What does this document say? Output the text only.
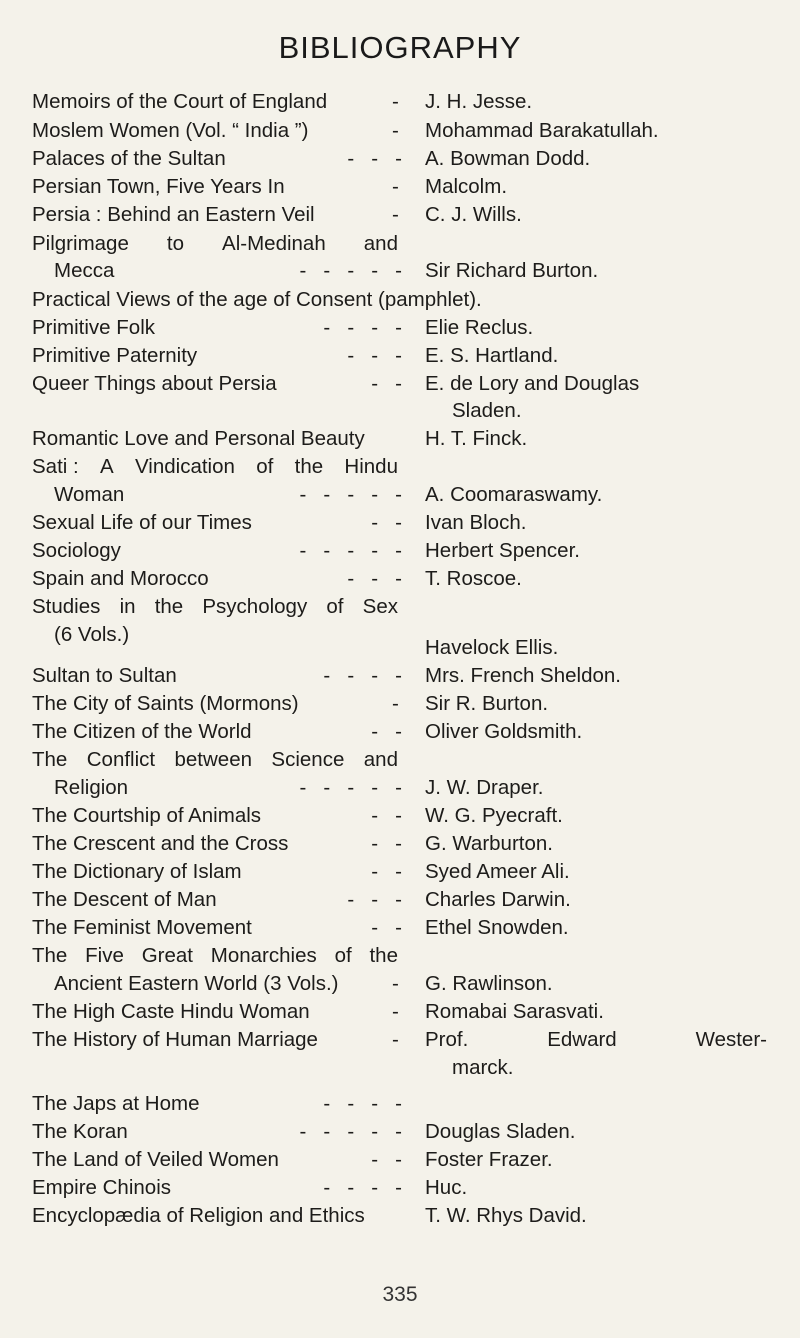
BIBLIOGRAPHY
Memoirs of the Court of England	- J. H. Jesse.
Moslem Women (Vol. “ India ”)	- Mohammad Barakatullah.
Palaces of the Sultan	-   -   - A. Bowman Dodd.
Persian Town, Five Years In	- Malcolm.
Persia : Behind an Eastern Veil	- C. J. Wills.
Pilgrimage to Al-Medinah and
Mecca	-   -   -   -   - Sir Richard Burton.
Practical Views of the age of Consent (pamphlet).
Primitive Folk	-   -   -   - Elie Reclus.
Primitive Paternity	-   -   - E. S. Hartland.
Queer Things about Persia	-   - E. de Lory and Douglas
Sladen.
Romantic Love and Personal Beauty	H. T. Finck.
Sati : A Vindication of the Hindu
Woman	-   -   -   -   - A. Coomaraswamy.
Sexual Life of our Times	-   - Ivan Bloch.
Sociology	-   -   -   -   - Herbert Spencer.
Spain and Morocco	-   -   - T. Roscoe.
Studies in the Psychology of Sex
(6 Vols.)
Havelock Ellis.
Sultan to Sultan	-   -   -   - Mrs. French Sheldon.
The City of Saints (Mormons)	- Sir R. Burton.
The Citizen of the World	-   - Oliver Goldsmith.
The Conflict between Science and
Religion	-   -   -   -   - J. W. Draper.
The Courtship of Animals	-   - W. G. Pyecraft.
The Crescent and the Cross	-   - G. Warburton.
The Dictionary of Islam	-   - Syed Ameer Ali.
The Descent of Man	-   -   - Charles Darwin.
The Feminist Movement	-   - Ethel Snowden.
The Five Great Monarchies of the
Ancient Eastern World (3 Vols.)	- G. Rawlinson.
The High Caste Hindu Woman	- Romabai Sarasvati.
The History of Human Marriage	- Prof.	Edward	Wester-
marck.
The Japs at Home	-   -   -   -
The Koran	-   -   -   -   - Douglas Sladen.
The Land of Veiled Women	-   - Foster Frazer.
Empire Chinois	-   -   -   - Huc.
Encyclopædia of Religion and Ethics	T. W. Rhys David.
335
